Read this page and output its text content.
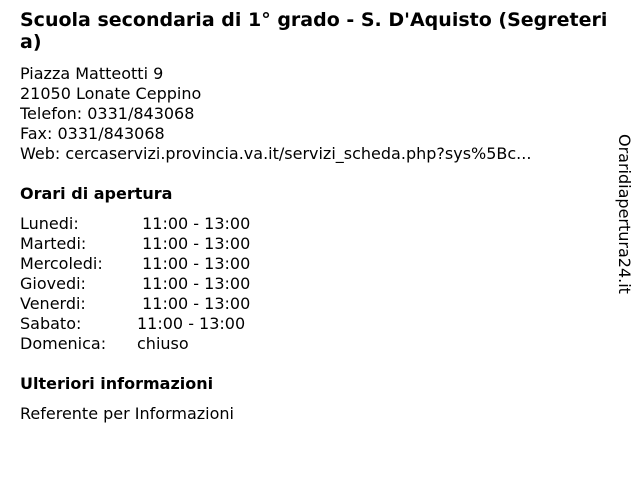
Scuola secondaria di 1° grado - S. D'Aquisto (Segreteria)
Piazza Matteotti 9
21050 Lonate Ceppino
Telefon: 0331/843068
Fax: 0331/843068
Web: cercaservizi.provincia.va.it/servizi_scheda.php?sys%5Bc...
Orari di apertura
Lunedi:	11:00 - 13:00
Martedi:	11:00 - 13:00
Mercoledi:	11:00 - 13:00
Giovedi:	11:00 - 13:00
Venerdi:	11:00 - 13:00
Sabato:	11:00 - 13:00
Domenica:	chiuso
Ulteriori informazioni
Referente per Informazioni
Oraridiapertura24.it
